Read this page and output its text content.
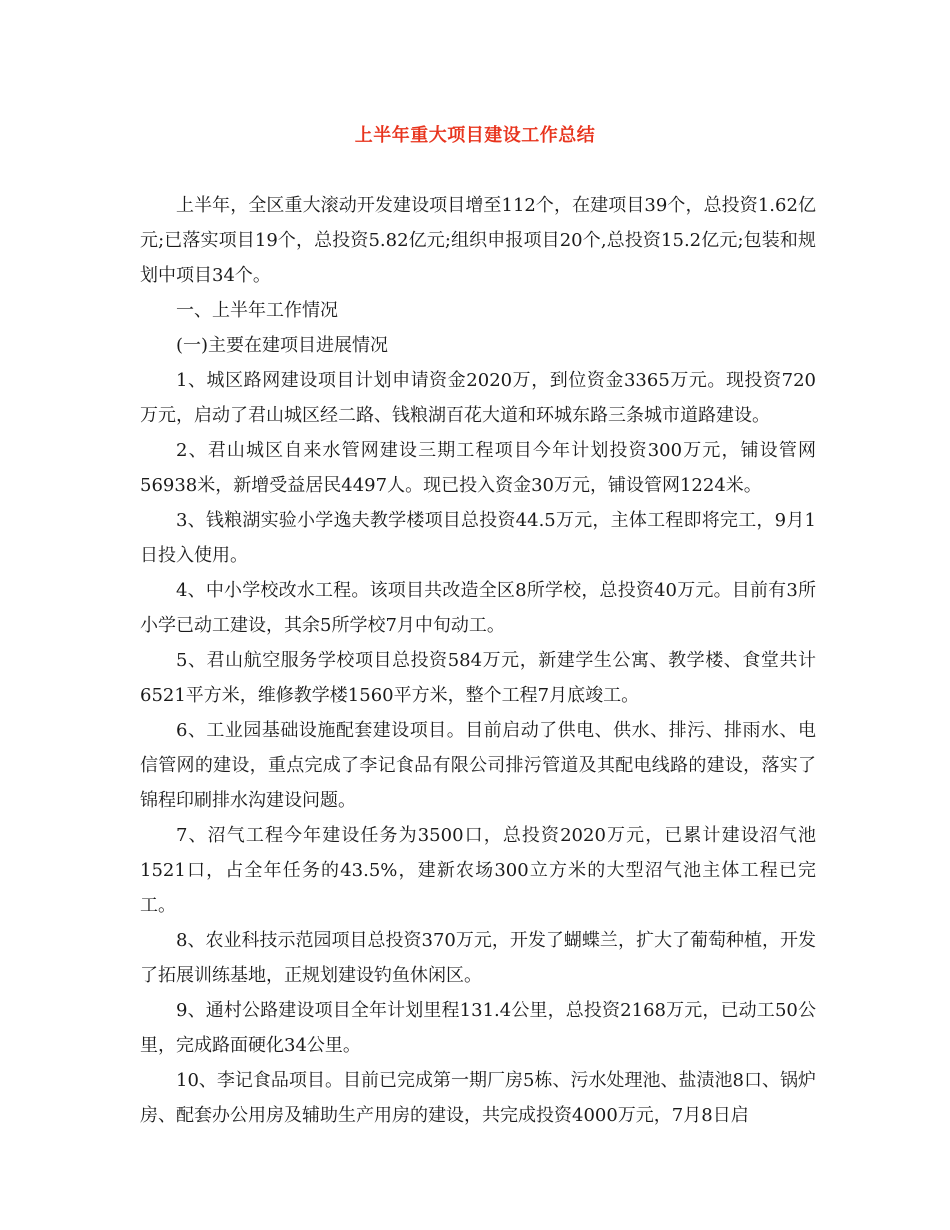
上半年重大项目建设工作总结

上半年，全区重大滚动开发建设项目增至112个，在建项目39个，总投资1.62亿元;已落实项目19个，总投资5.82亿元;组织申报项目20个,总投资15.2亿元;包装和规划中项目34个。

一、上半年工作情况

(一)主要在建项目进展情况

1、城区路网建设项目计划申请资金2020万，到位资金3365万元。现投资720万元，启动了君山城区经二路、钱粮湖百花大道和环城东路三条城市道路建设。

2、君山城区自来水管网建设三期工程项目今年计划投资300万元，铺设管网56938米，新增受益居民4497人。现已投入资金30万元，铺设管网1224米。

3、钱粮湖实验小学逸夫教学楼项目总投资44.5万元，主体工程即将完工，9月1日投入使用。

4、中小学校改水工程。该项目共改造全区8所学校，总投资40万元。目前有3所小学已动工建设，其余5所学校7月中旬动工。

5、君山航空服务学校项目总投资584万元，新建学生公寓、教学楼、食堂共计6521平方米，维修教学楼1560平方米，整个工程7月底竣工。

6、工业园基础设施配套建设项目。目前启动了供电、供水、排污、排雨水、电信管网的建设，重点完成了李记食品有限公司排污管道及其配电线路的建设，落实了锦程印刷排水沟建设问题。

7、沼气工程今年建设任务为3500口，总投资2020万元，已累计建设沼气池1521口，占全年任务的43.5%，建新农场300立方米的大型沼气池主体工程已完工。

8、农业科技示范园项目总投资370万元，开发了蝴蝶兰，扩大了葡萄种植，开发了拓展训练基地，正规划建设钓鱼休闲区。

9、通村公路建设项目全年计划里程131.4公里，总投资2168万元，已动工50公里，完成路面硬化34公里。

10、李记食品项目。目前已完成第一期厂房5栋、污水处理池、盐渍池8口、锅炉房、配套办公用房及辅助生产用房的建设，共完成投资4000万元，7月8日启
